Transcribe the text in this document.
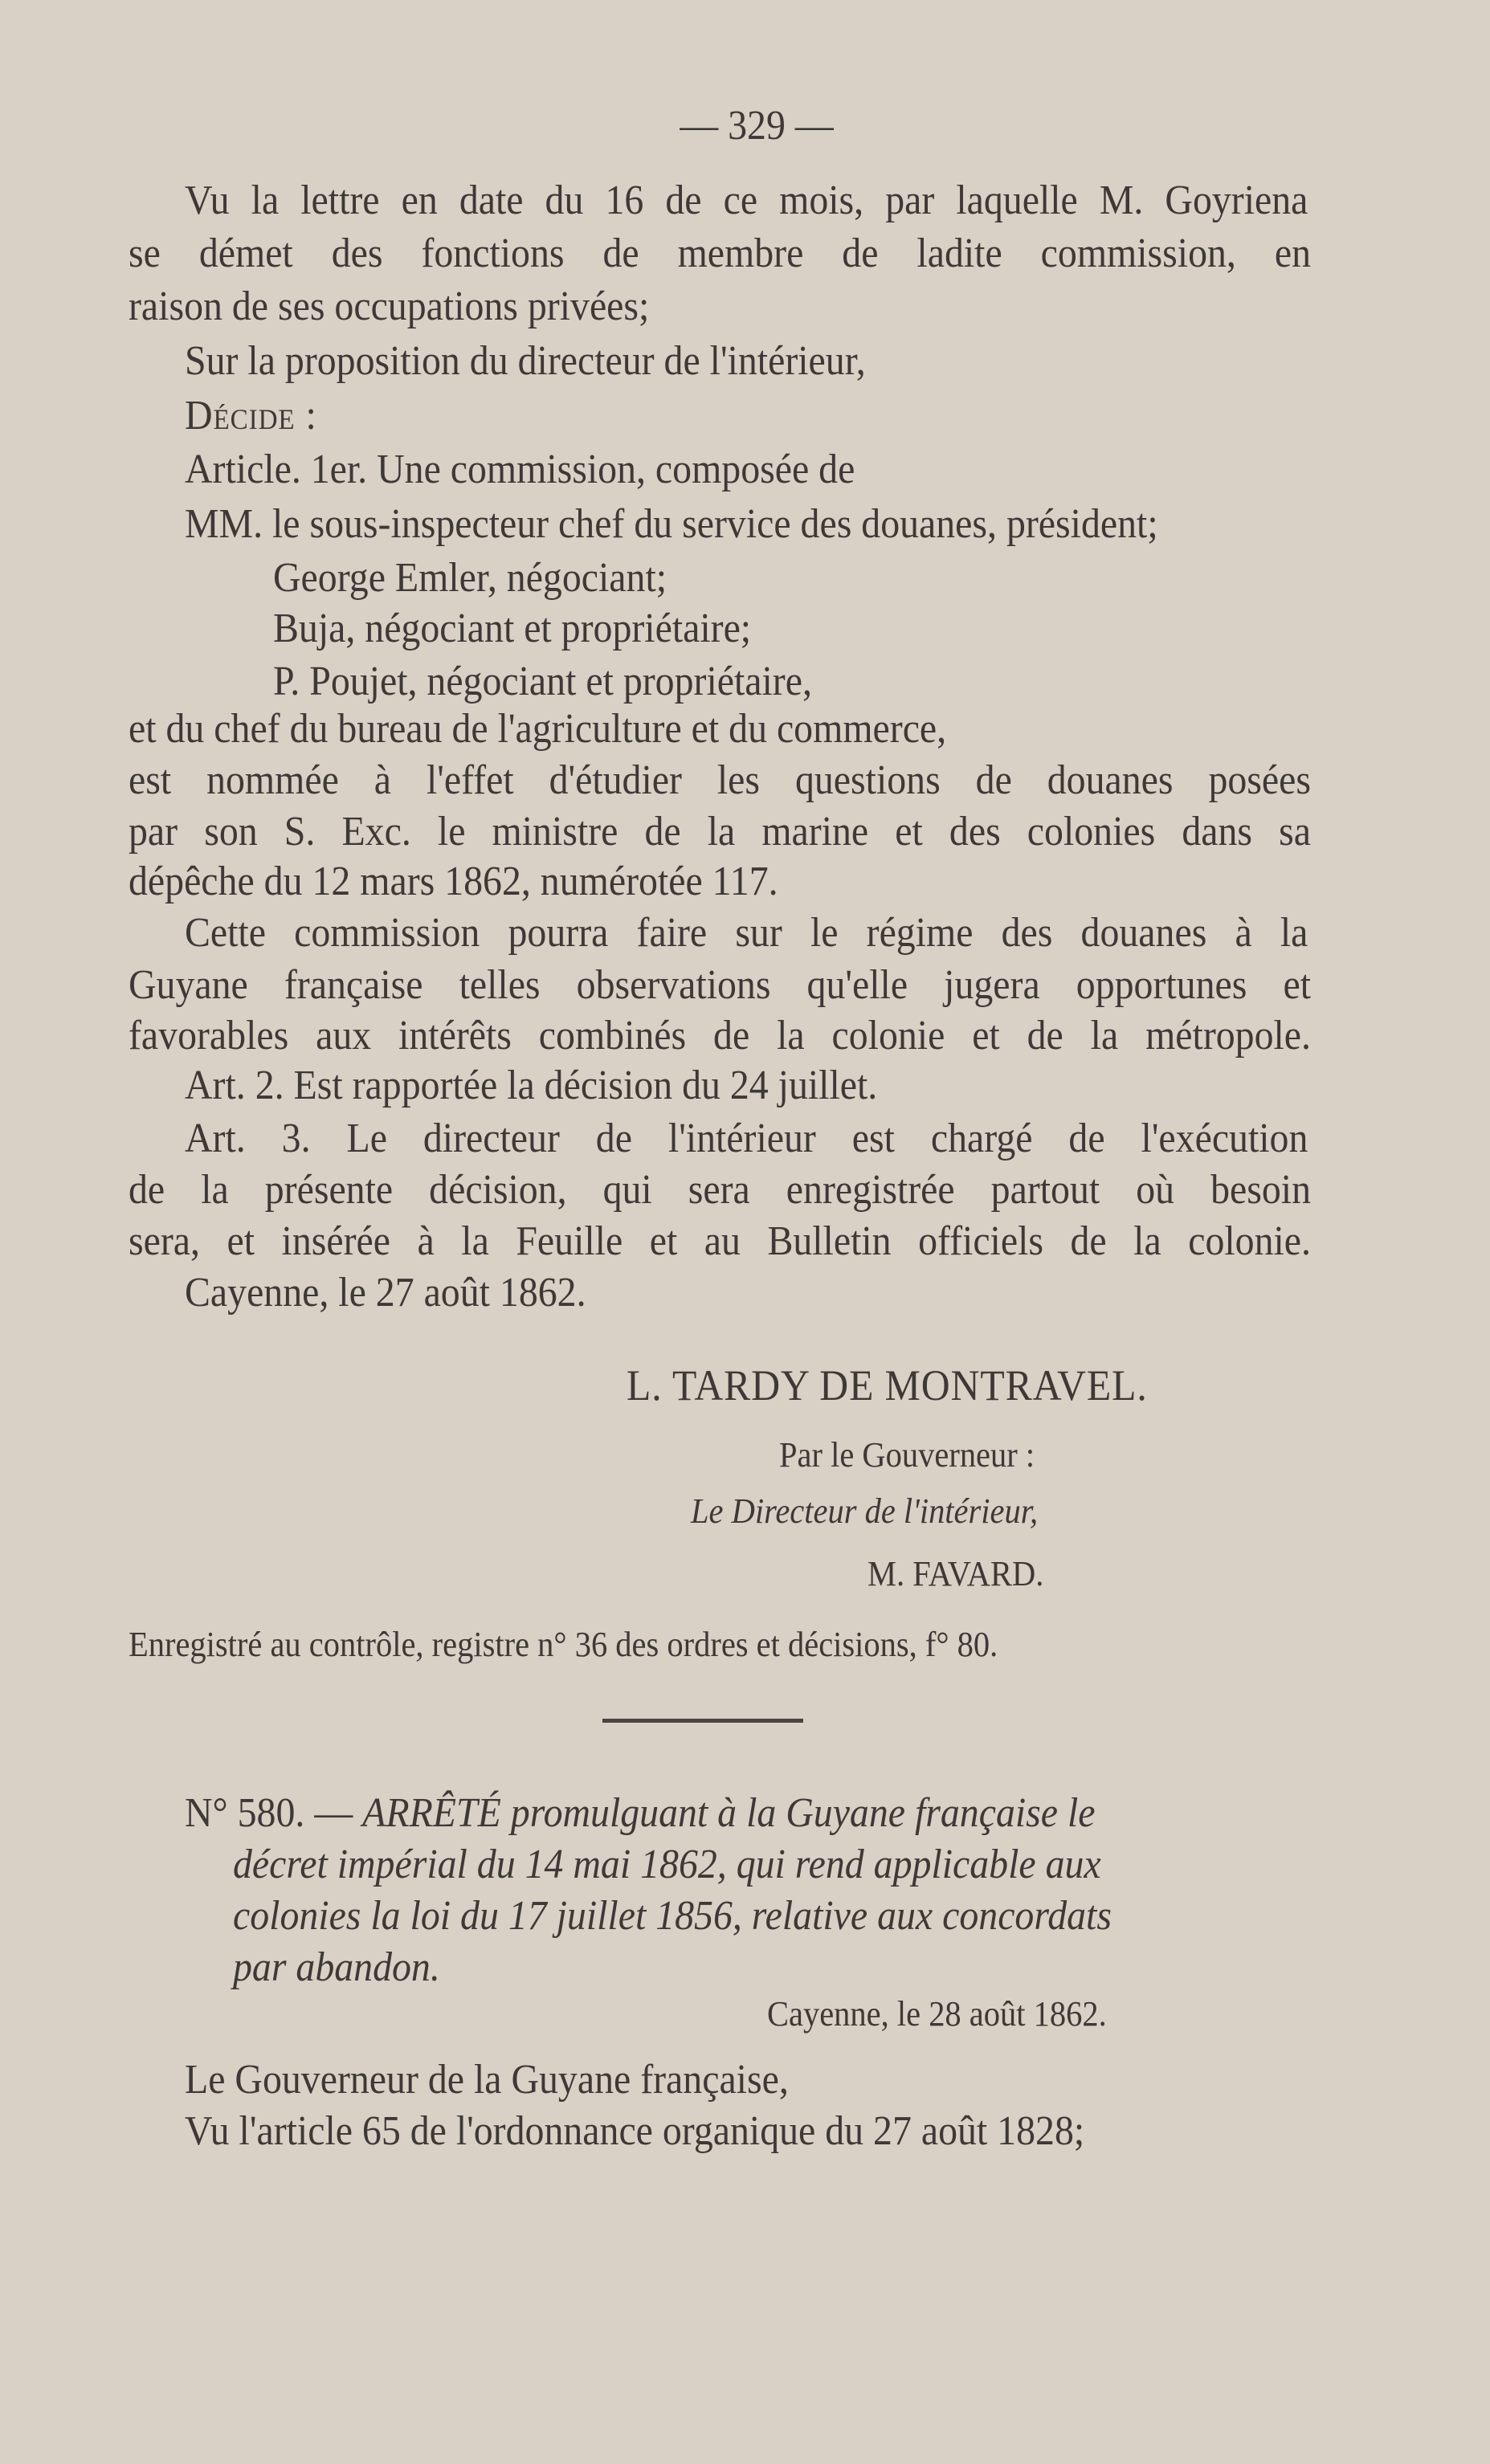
— 329 —
Vu la lettre en date du 16 de ce mois, par laquelle M. Goyriena
se démet des fonctions de membre de ladite commission, en
raison de ses occupations privées;
Sur la proposition du directeur de l'intérieur,
Décide :
Article. 1er. Une commission, composée de
MM. le sous-inspecteur chef du service des douanes, président;
George Emler, négociant;
Buja, négociant et propriétaire;
P. Poujet, négociant et propriétaire,
et du chef du bureau de l'agriculture et du commerce,
est nommée à l'effet d'étudier les questions de douanes posées
par son S. Exc. le ministre de la marine et des colonies dans sa
dépêche du 12 mars 1862, numérotée 117.
Cette commission pourra faire sur le régime des douanes à la
Guyane française telles observations qu'elle jugera opportunes et
favorables aux intérêts combinés de la colonie et de la métropole.
Art. 2. Est rapportée la décision du 24 juillet.
Art. 3. Le directeur de l'intérieur est chargé de l'exécution
de la présente décision, qui sera enregistrée partout où besoin
sera, et insérée à la Feuille et au Bulletin officiels de la colonie.
Cayenne, le 27 août 1862.
L. TARDY DE MONTRAVEL.
Par le Gouverneur :
Le Directeur de l'intérieur,
M. FAVARD.
Enregistré au contrôle, registre n° 36 des ordres et décisions, f° 80.
N° 580. — ARRÊTÉ promulguant à la Guyane française le
décret impérial du 14 mai 1862, qui rend applicable aux
colonies la loi du 17 juillet 1856, relative aux concordats
par abandon.
Cayenne, le 28 août 1862.
Le Gouverneur de la Guyane française,
Vu l'article 65 de l'ordonnance organique du 27 août 1828;
